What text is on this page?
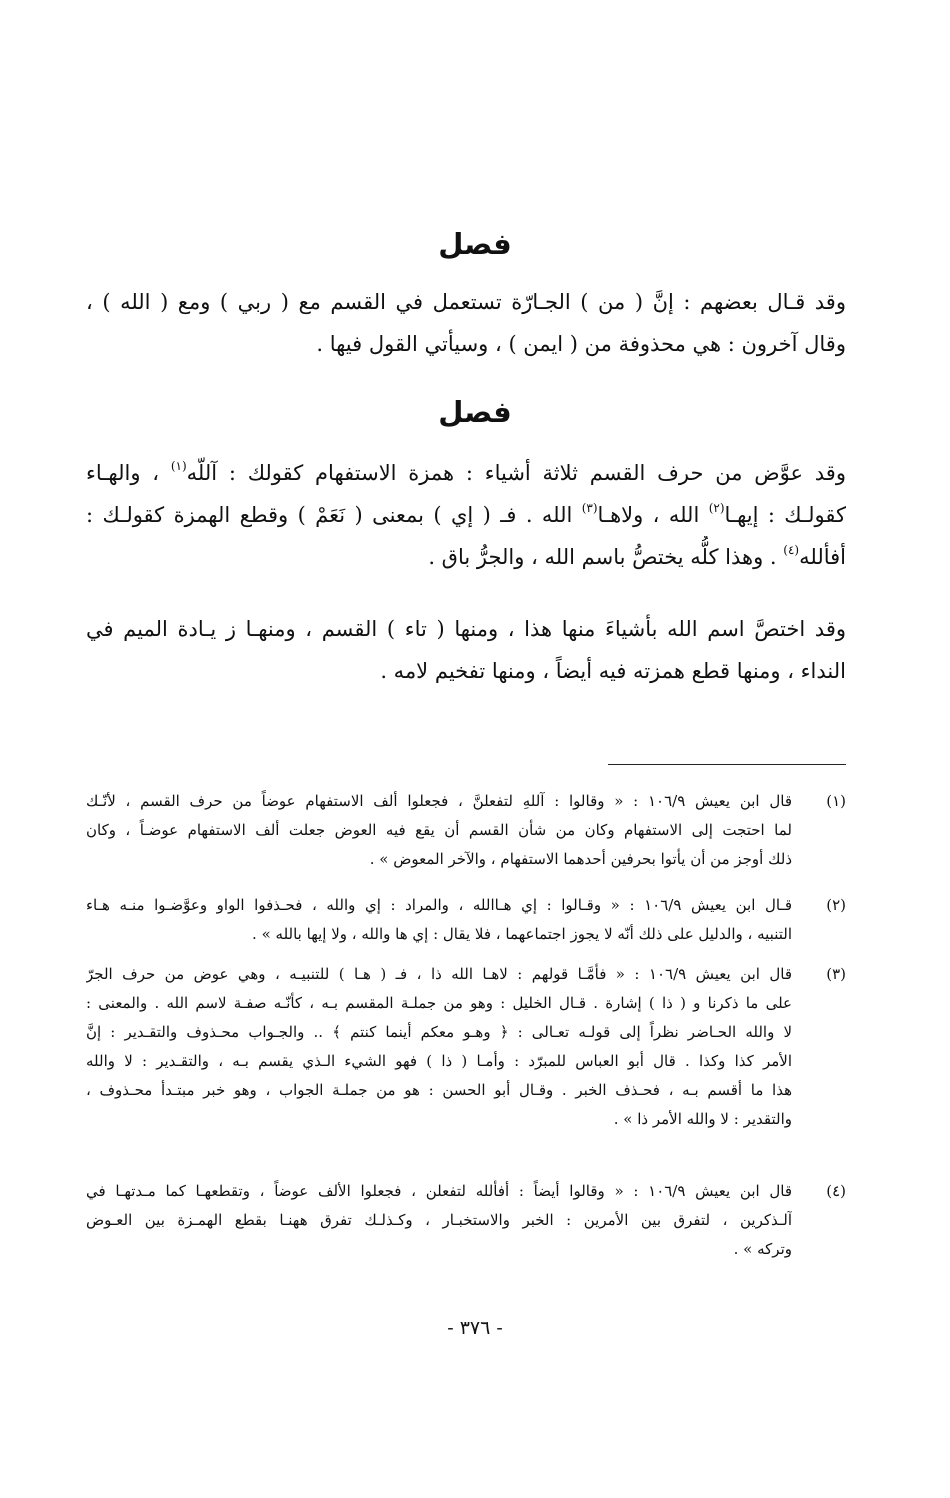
فصل
وقد قـال بعضهم : إنَّ ( من ) الجـارّة تستعمل في القسم مع ( ربي ) ومع ( الله ) ،
وقال آخرون : هي محذوفة من ( ايمن ) ، وسيأتي القول فيها .
فصل
وقد عوَّض من حرف القسم ثلاثة أشياء : همزة الاستفهام كقولك : آللّه$^{(١)}$ ، والهـاء
كقولـك : إيهـا$^{(٢)}$ الله ، ولاهـا$^{(٣)}$ الله . فـ ( إي ) بمعنى ( نَعَمْ ) وقطع الهمزة كقولـك :
أفألله$^{(٤)}$ . وهذا كلُّه يختصُّ باسم الله ، والجرُّ باق .
وقد اختصَّ اسم الله بأشياءَ منها هذا ، ومنها ( تاء ) القسم ، ومنهـا ز يـادة الميم في
النداء ، ومنها قطع همزته فيه أيضاً ، ومنها تفخيم لامه .
(١)
قال ابن يعيش ١٠٦/٩ : « وقالوا : آللهِ لتفعلنَّ ، فجعلوا ألف الاستفهام عوضاً من حرف القسم ، لأنّـك
لما احتجت إلى الاستفهام وكان من شأن القسم أن يقع فيه العوض جعلت ألف الاستفهام عوضـاً ، وكان
ذلك أوجز من أن يأتوا بحرفين أحدهما الاستفهام ، والآخر المعوض » .
(٢)
قـال ابن يعيش ١٠٦/٩ : « وقـالوا : إي هـاالله ، والمراد : إي والله ، فحـذفوا الواو وعوَّضـوا منـه هـاء
التنبيه ، والدليل على ذلك أنّه لا يجوز اجتماعهما ، فلا يقال : إي ها والله ، ولا إيها بالله » .
(٣)
قال ابن يعيش ١٠٦/٩ : « فأمَّـا قولهم : لاهـا الله ذا ، فـ ( هـا ) للتنبيـه ، وهي عوض من حرف الجرّ
على ما ذكرنا و ( ذا ) إشارة . قـال الخليل : وهو من جملـة المقسم بـه ، كأنّـه صفـة لاسم الله . والمعنى :
لا والله الحـاضر نظراً إلى قولـه تعـالى : ﴿ وهـو معكم أينما كنتم ﴾ .. والجـواب محـذوف والتقـدير : إنَّ
الأمر كذا وكذا . قال أبو العباس للمبرّد : وأمـا ( ذا ) فهو الشيء الـذي يقسم بـه ، والتقـدير : لا والله
هذا ما أقسم بـه ، فحـذف الخبر . وقـال أبو الحسن : هو من جملـة الجواب ، وهو خبر مبتـدأ محـذوف ،
والتقدير : لا والله الأمر ذا » .
(٤)
قال ابن يعيش ١٠٦/٩ : « وقالوا أيضاً : أفألله لتفعلن ، فجعلوا الألف عوضاً ، وتقطعهـا كما مـدتهـا في
آلـذكرين ، لتفرق بين الأمرين : الخبر والاستخبـار ، وكـذلـك تفرق ههنـا بقطع الهمـزة بين العـوض
وتركه » .
- ٣٧٦ -
